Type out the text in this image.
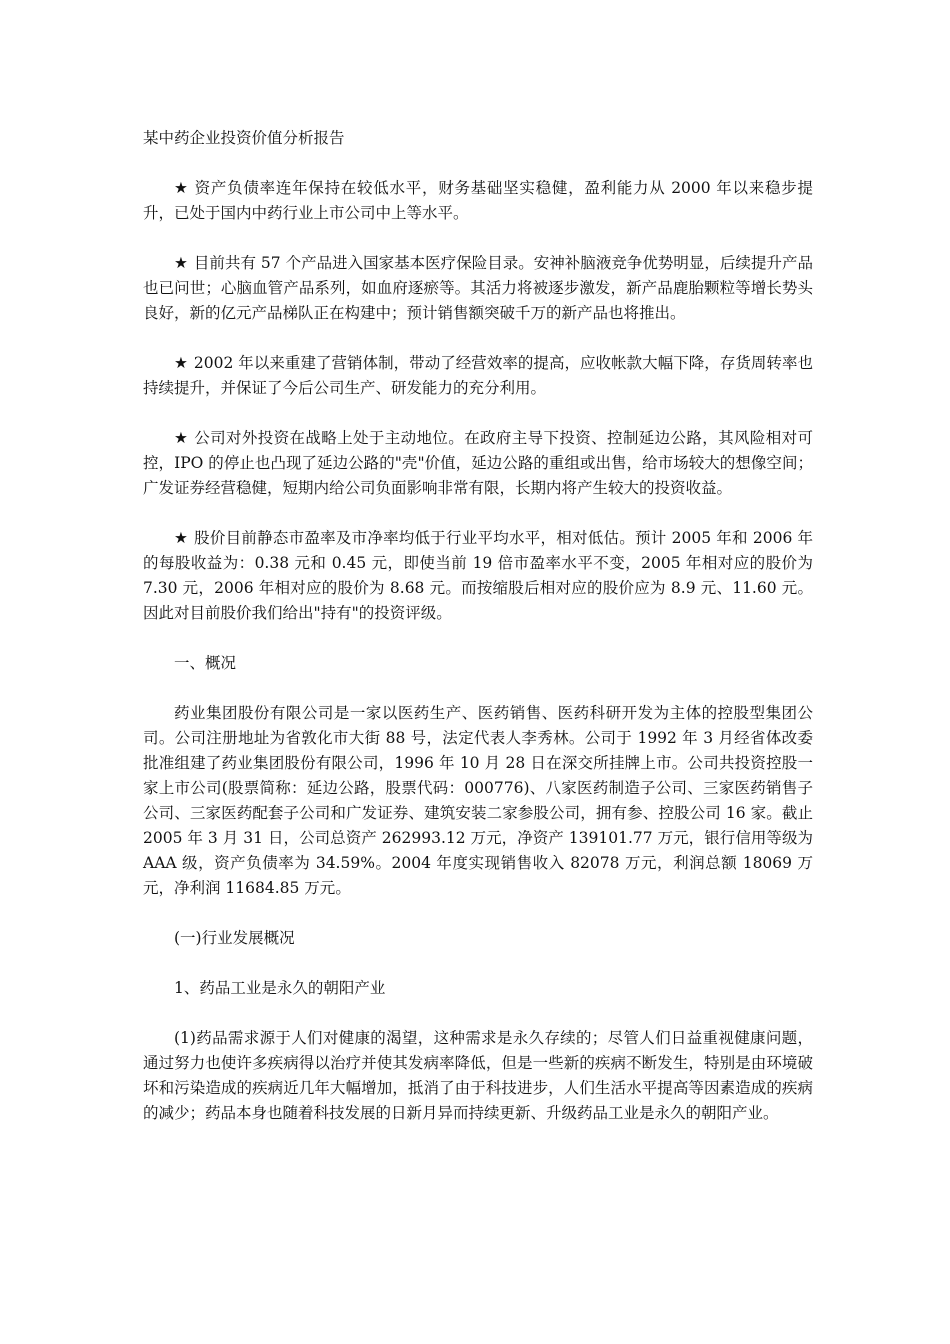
某中药企业投资价值分析报告

★ 资产负债率连年保持在较低水平，财务基础坚实稳健，盈利能力从 2000 年以来稳步提升，已处于国内中药行业上市公司中上等水平。

★ 目前共有 57 个产品进入国家基本医疗保险目录。安神补脑液竞争优势明显，后续提升产品也已问世；心脑血管产品系列，如血府逐瘀等。其活力将被逐步激发，新产品鹿胎颗粒等增长势头良好，新的亿元产品梯队正在构建中；预计销售额突破千万的新产品也将推出。

★ 2002 年以来重建了营销体制，带动了经营效率的提高，应收帐款大幅下降，存货周转率也持续提升，并保证了今后公司生产、研发能力的充分利用。

★ 公司对外投资在战略上处于主动地位。在政府主导下投资、控制延边公路，其风险相对可控，IPO 的停止也凸现了延边公路的"壳"价值，延边公路的重组或出售，给市场较大的想像空间；广发证券经营稳健，短期内给公司负面影响非常有限，长期内将产生较大的投资收益。

★ 股价目前静态市盈率及市净率均低于行业平均水平，相对低估。预计 2005 年和 2006 年的每股收益为：0.38 元和 0.45 元，即使当前 19 倍市盈率水平不变，2005 年相对应的股价为 7.30 元，2006 年相对应的股价为 8.68 元。而按缩股后相对应的股价应为 8.9 元、11.60 元。因此对目前股价我们给出"持有"的投资评级。

一、概况

药业集团股份有限公司是一家以医药生产、医药销售、医药科研开发为主体的控股型集团公司。公司注册地址为省敦化市大街 88 号，法定代表人李秀林。公司于 1992 年 3 月经省体改委批准组建了药业集团股份有限公司，1996 年 10 月 28 日在深交所挂牌上市。公司共投资控股一家上市公司(股票简称：延边公路，股票代码：000776)、八家医药制造子公司、三家医药销售子公司、三家医药配套子公司和广发证券、建筑安装二家参股公司，拥有参、控股公司 16 家。截止 2005 年 3 月 31 日，公司总资产 262993.12 万元，净资产 139101.77 万元，银行信用等级为 AAA 级，资产负债率为 34.59%。2004 年度实现销售收入 82078 万元，利润总额 18069 万元，净利润 11684.85 万元。

(一)行业发展概况

1、药品工业是永久的朝阳产业

(1)药品需求源于人们对健康的渴望，这种需求是永久存续的；尽管人们日益重视健康问题，通过努力也使许多疾病得以治疗并使其发病率降低，但是一些新的疾病不断发生，特别是由环境破坏和污染造成的疾病近几年大幅增加，抵消了由于科技进步，人们生活水平提高等因素造成的疾病的减少；药品本身也随着科技发展的日新月异而持续更新、升级药品工业是永久的朝阳产业。
